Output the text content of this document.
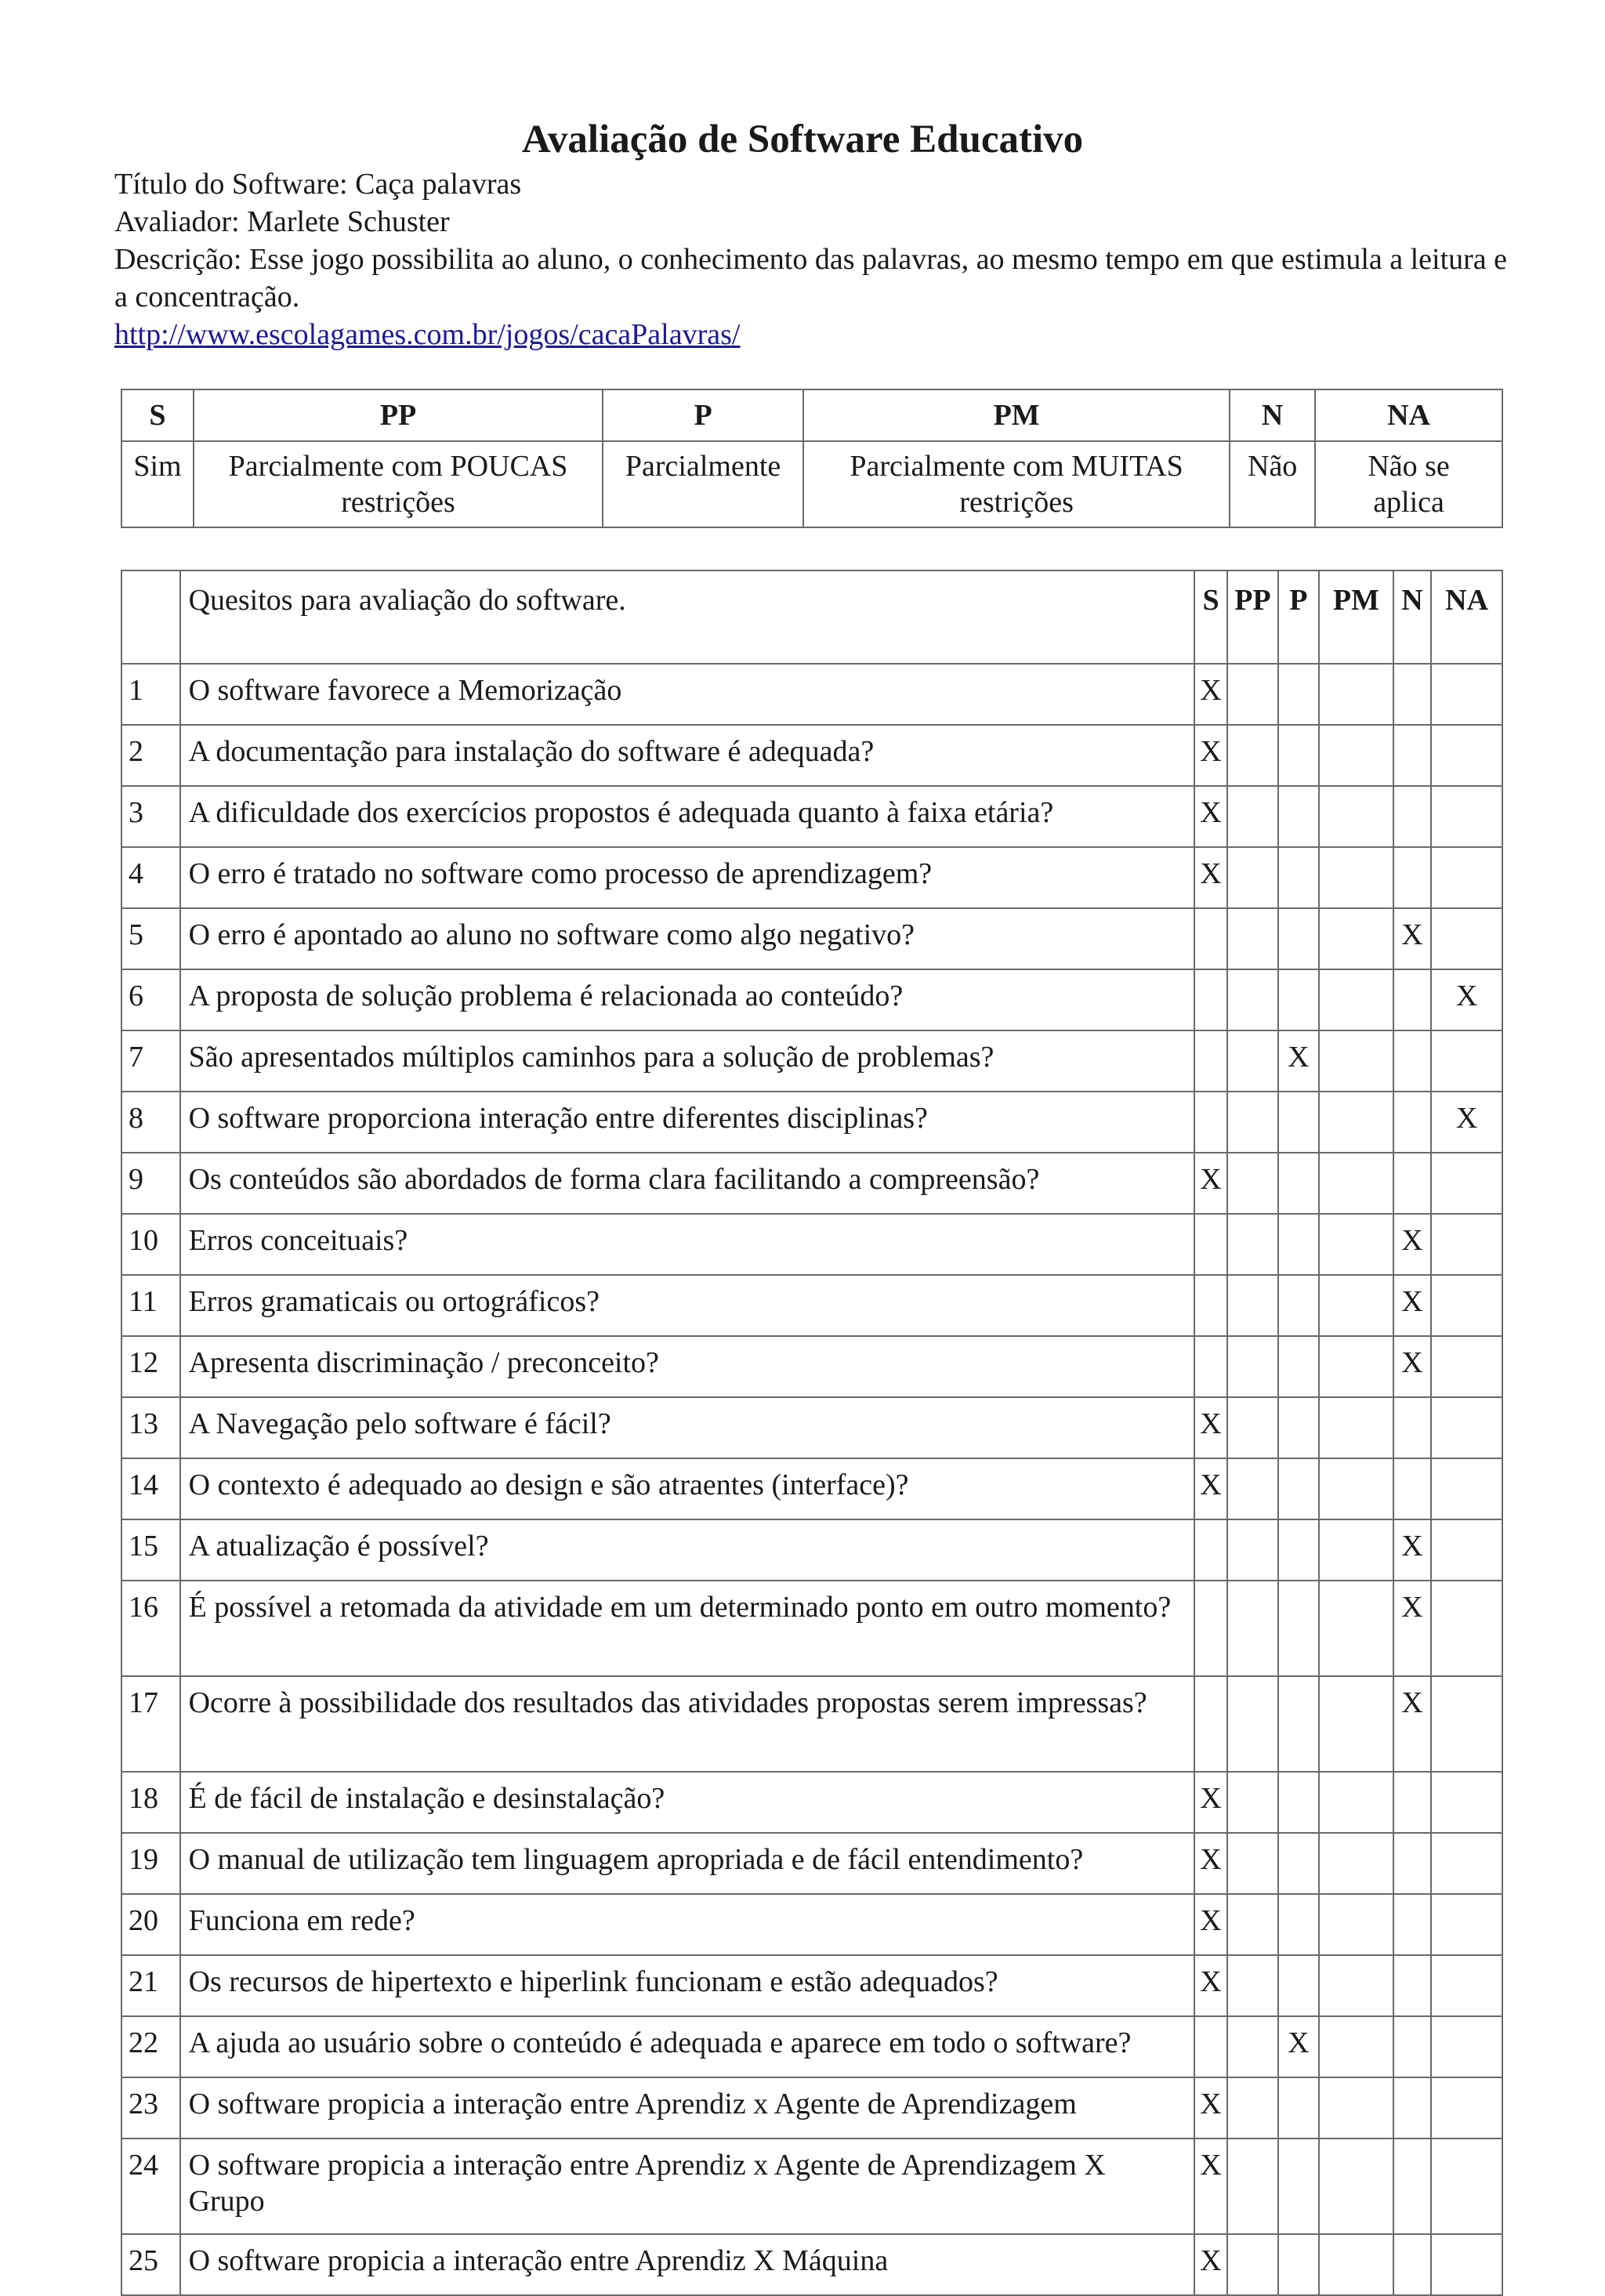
Avaliação de Software Educativo
Título do Software: Caça palavras
Avaliador: Marlete Schuster
Descrição: Esse jogo possibilita ao aluno, o conhecimento das palavras, ao mesmo tempo em que estimula a leitura e a concentração.
http://www.escolagames.com.br/jogos/cacaPalavras/
S	PP	P	PM	N	NA
Sim	Parcialmente com POUCAS restrições	Parcialmente	Parcialmente com MUITAS restrições	Não	Não se aplica
	Quesitos para avaliação do software.	S	PP	P	PM	N	NA
1	O software favorece a Memorização	X					
2	A documentação para instalação do software é adequada?	X					
3	A dificuldade dos exercícios propostos é adequada quanto à faixa etária?	X					
4	O erro é tratado no software como processo de aprendizagem?	X					
5	O erro é apontado ao aluno no software como algo negativo?					X	
6	A proposta de solução problema é relacionada ao conteúdo?						X
7	São apresentados múltiplos caminhos para a solução de problemas?			X			
8	O software proporciona interação entre diferentes disciplinas?						X
9	Os conteúdos são abordados de forma clara facilitando a compreensão?	X					
10	Erros conceituais?					X	
11	Erros gramaticais ou ortográficos?					X	
12	Apresenta discriminação / preconceito?					X	
13	A Navegação pelo software é fácil?	X					
14	O contexto é adequado ao design e são atraentes (interface)?	X					
15	A atualização é possível?					X	
16	É possível a retomada da atividade em um determinado ponto em outro momento?					X	
17	Ocorre à possibilidade dos resultados das atividades propostas serem impressas?					X	
18	É de fácil de instalação e desinstalação?	X					
19	O manual de utilização tem linguagem apropriada e de fácil entendimento?	X					
20	Funciona em rede?	X					
21	Os recursos de hipertexto e hiperlink funcionam e estão adequados?	X					
22	A ajuda ao usuário sobre o conteúdo é adequada e aparece em todo o software?			X			
23	O software propicia a interação entre Aprendiz x Agente de Aprendizagem	X					
24	O software propicia a interação entre Aprendiz x Agente de Aprendizagem X Grupo	X					
25	O software propicia a interação entre Aprendiz X Máquina	X					
